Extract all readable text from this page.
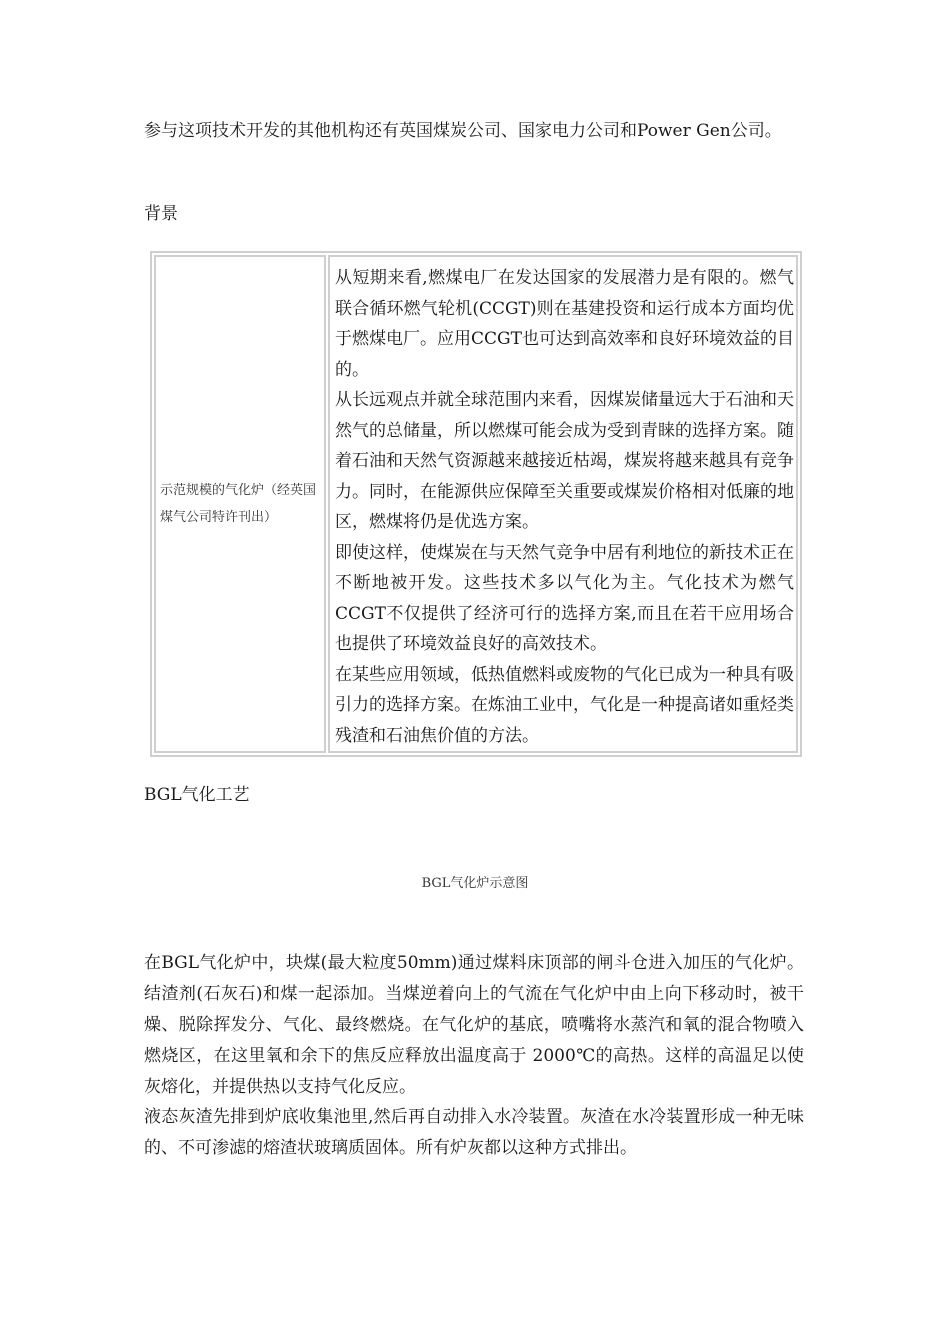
参与这项技术开发的其他机构还有英国煤炭公司、国家电力公司和Power Gen公司。

背景

示范规模的气化炉（经英国煤气公司特许刊出）

从短期来看,燃煤电厂在发达国家的发展潜力是有限的。燃气联合循环燃气轮机(CCGT)则在基建投资和运行成本方面均优于燃煤电厂。应用CCGT也可达到高效率和良好环境效益的目的。

从长远观点并就全球范围内来看，因煤炭储量远大于石油和天然气的总储量，所以燃煤可能会成为受到青睐的选择方案。随着石油和天然气资源越来越接近枯竭，煤炭将越来越具有竞争力。同时，在能源供应保障至关重要或煤炭价格相对低廉的地区，燃煤将仍是优选方案。

即使这样，使煤炭在与天然气竞争中居有利地位的新技术正在不断地被开发。这些技术多以气化为主。气化技术为燃气CCGT不仅提供了经济可行的选择方案,而且在若干应用场合也提供了环境效益良好的高效技术。

在某些应用领域，低热值燃料或废物的气化已成为一种具有吸引力的选择方案。在炼油工业中，气化是一种提高诸如重烃类残渣和石油焦价值的方法。

BGL气化工艺

BGL气化炉示意图

在BGL气化炉中，块煤(最大粒度50mm)通过煤料床顶部的闸斗仓进入加压的气化炉。结渣剂(石灰石)和煤一起添加。当煤逆着向上的气流在气化炉中由上向下移动时，被干燥、脱除挥发分、气化、最终燃烧。在气化炉的基底，喷嘴将水蒸汽和氧的混合物喷入燃烧区，在这里氧和余下的焦反应释放出温度高于 2000℃的高热。这样的高温足以使灰熔化，并提供热以支持气化反应。

液态灰渣先排到炉底收集池里,然后再自动排入水冷装置。灰渣在水冷装置形成一种无味的、不可渗滤的熔渣状玻璃质固体。所有炉灰都以这种方式排出。
